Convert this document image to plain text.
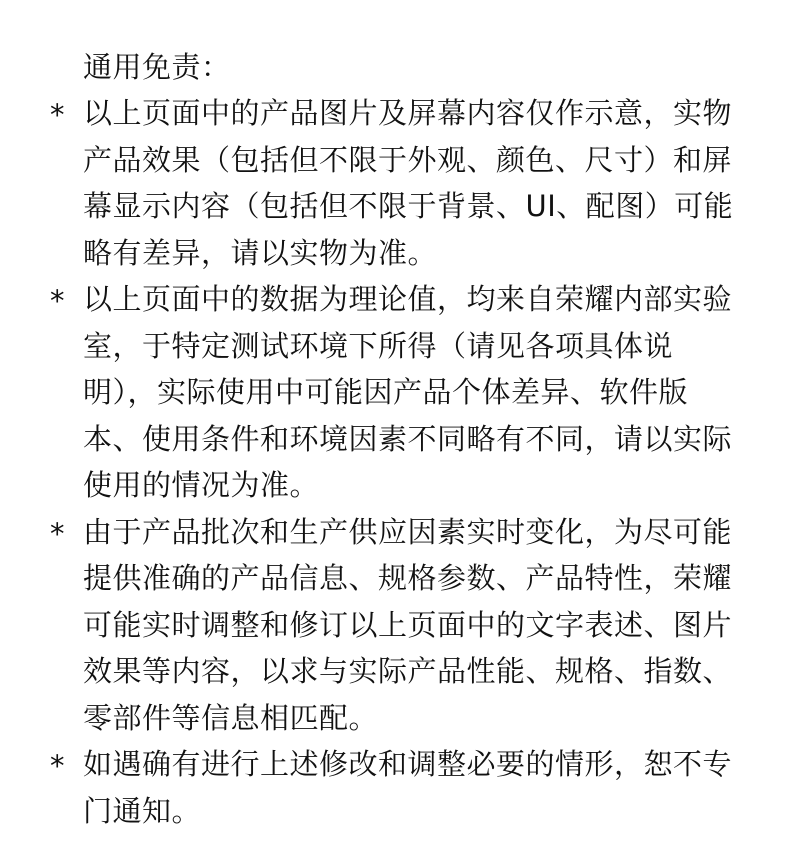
通用免责：
* 以上页面中的产品图片及屏幕内容仅作示意，实物
产品效果（包括但不限于外观、颜色、尺寸）和屏
幕显示内容（包括但不限于背景、UI、配图）可能
略有差异，请以实物为准。
* 以上页面中的数据为理论值，均来自荣耀内部实验
室，于特定测试环境下所得（请见各项具体说
明），实际使用中可能因产品个体差异、软件版
本、使用条件和环境因素不同略有不同，请以实际
使用的情况为准。
* 由于产品批次和生产供应因素实时变化，为尽可能
提供准确的产品信息、规格参数、产品特性，荣耀
可能实时调整和修订以上页面中的文字表述、图片
效果等内容，以求与实际产品性能、规格、指数、
零部件等信息相匹配。
* 如遇确有进行上述修改和调整必要的情形，恕不专
门通知。
